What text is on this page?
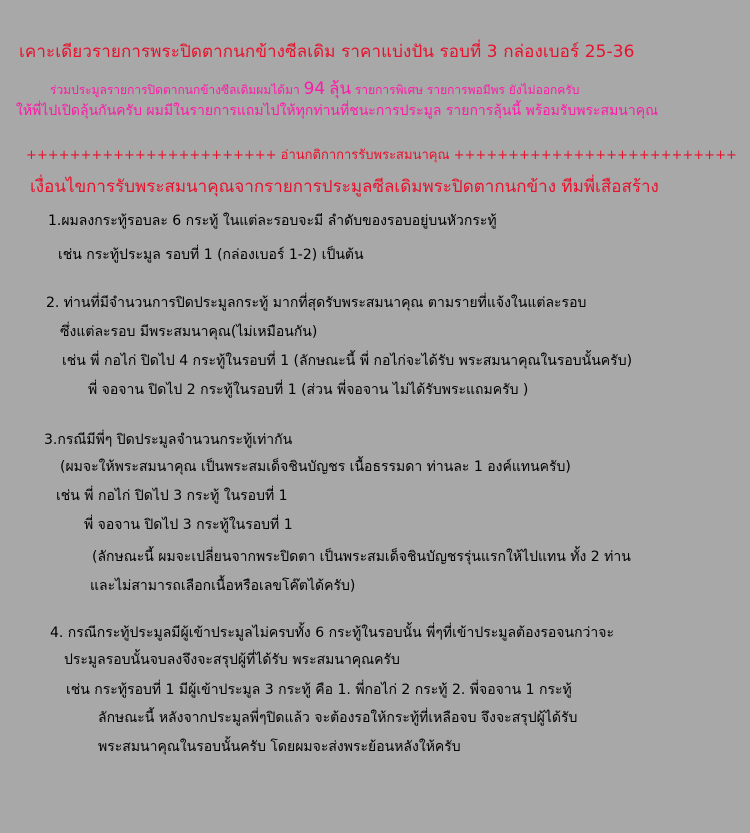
เคาะเดียวรายการพระปิดตากนกข้างซีลเดิม ราคาแบ่งปัน รอบที่ 3 กล่องเบอร์ 25-36
ร่วมประมูลรายการปิดตากนกข้างซีลเดิมผมได้มา 94 ลุ้น รายการพิเศษ รายการพอมีพร ยังไม่ออกครับ
ให้พี่ไปเปิดลุ้นกันครับ ผมมีในรายการแถมไปให้ทุกท่านที่ชนะการประมูล รายการลุ้นนี้ พร้อมรับพระสมนาคุณ
+++++++++++++++++++++++ อ่านกติกาการรับพระสมนาคุณ ++++++++++++++++++++++++++
เงื่อนไขการรับพระสมนาคุณจากรายการประมูลซีลเดิมพระปิดตากนกข้าง ทีมพี่เสือสร้าง
1.ผมลงกระทู้รอบละ 6 กระทู้ ในแต่ละรอบจะมี ลำดับของรอบอยู่บนหัวกระทู้
เช่น กระทู้ประมูล รอบที่ 1 (กล่องเบอร์ 1-2) เป็นต้น
2. ท่านที่มีจำนวนการปิดประมูลกระทู้ มากที่สุดรับพระสมนาคุณ ตามรายที่แจ้งในแต่ละรอบ
ซึ่งแต่ละรอบ มีพระสมนาคุณ(ไม่เหมือนกัน)
เช่น พี่ กอไก่ ปิดไป 4 กระทู้ในรอบที่ 1 (ลักษณะนี้ พี่ กอไก่จะได้รับ พระสมนาคุณในรอบนั้นครับ)
พี่ จอจาน ปิดไป 2 กระทู้ในรอบที่ 1 (ส่วน พี่จอจาน ไม่ได้รับพระแถมครับ )
3.กรณีมีพี่ๆ ปิดประมูลจำนวนกระทู้เท่ากัน
(ผมจะให้พระสมนาคุณ เป็นพระสมเด็จชินบัญชร เนื้อธรรมดา ท่านละ 1 องค์แทนครับ)
เช่น พี่ กอไก่ ปิดไป 3 กระทู้ ในรอบที่ 1
พี่ จอจาน ปิดไป 3 กระทู้ในรอบที่ 1
(ลักษณะนี้ ผมจะเปลี่ยนจากพระปิดตา เป็นพระสมเด็จชินบัญชรรุ่นแรกให้ไปแทน ทั้ง 2 ท่าน
และไม่สามารถเลือกเนื้อหรือเลขโค๊ตได้ครับ)
4. กรณีกระทู้ประมูลมีผู้เข้าประมูลไม่ครบทั้ง 6 กระทู้ในรอบนั้น พี่ๆที่เข้าประมูลต้องรอจนกว่าจะ
ประมูลรอบนั้นจบลงจึงจะสรุปผู้ที่ได้รับ พระสมนาคุณครับ
เช่น กระทู้รอบที่ 1 มีผู้เข้าประมูล 3 กระทู้ คือ 1. พี่กอไก่ 2 กระทู้ 2. พี่จอจาน 1 กระทู้
ลักษณะนี้ หลังจากประมูลพี่ๆปิดแล้ว จะต้องรอให้กระทู้ที่เหลือจบ จึงจะสรุปผู้ได้รับ
พระสมนาคุณในรอบนั้นครับ โดยผมจะส่งพระย้อนหลังให้ครับ
